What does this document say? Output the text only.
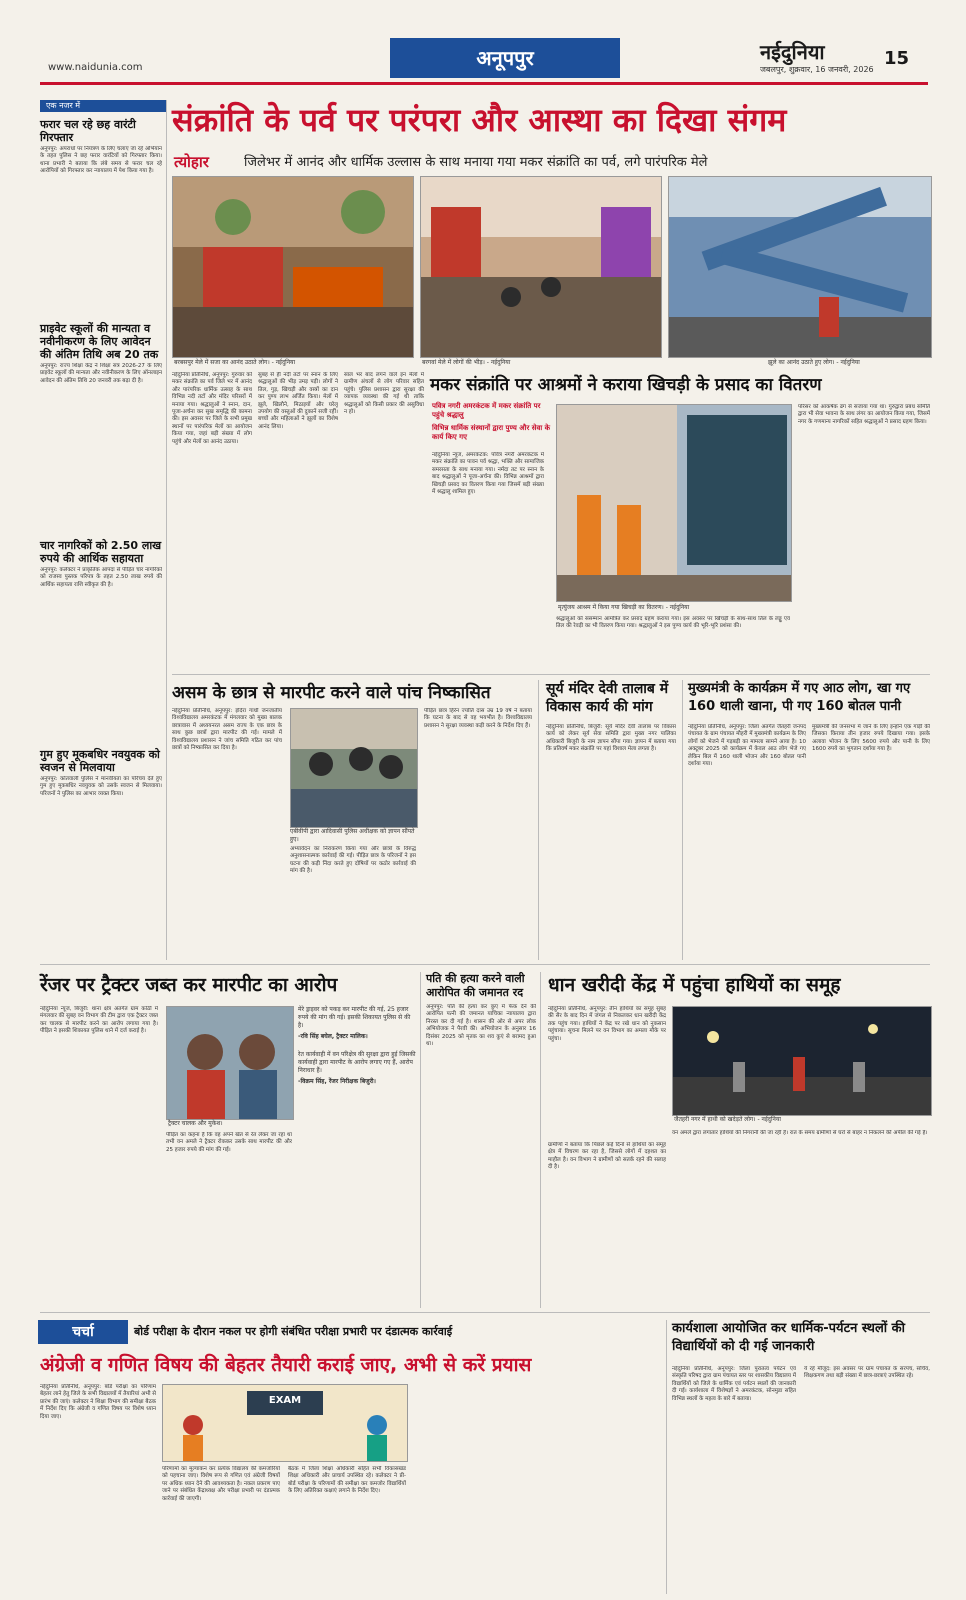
www.naidunia.com	अनूपपुर	नईदुनिया
जबलपुर, शुक्रवार, 16 जनवरी, 2026
15
एक नजर में
फरार चल रहे छह वारंटी गिरफ्तार
अनूपपुर: अपराधों पर नियंत्रण के लिए चलाए जा रहे अभियान के तहत पुलिस ने छह फरार वारंटियों को गिरफ्तार किया। थाना प्रभारी ने बताया कि लंबे समय से फरार चल रहे आरोपियों को गिरफ्तार कर न्यायालय में पेश किया गया है।
प्राइवेट स्कूलों की मान्यता व नवीनीकरण के लिए आवेदन की अंतिम तिथि अब 20 तक
अनूपपुर: राज्य शिक्षा केंद्र ने शिक्षा सत्र 2026-27 के लिए प्राइवेट स्कूलों की मान्यता और नवीनीकरण के लिए ऑनलाइन आवेदन की अंतिम तिथि 20 जनवरी तक बढ़ा दी है।
चार नागरिकों को 2.50 लाख रुपये की आर्थिक सहायता
अनूपपुर: कलेक्टर ने प्राकृतिक आपदा से पीड़ित चार नागरिकों को राजस्व पुस्तक परिपत्र के तहत 2.50 लाख रुपये की आर्थिक सहायता राशि स्वीकृत की है।
गुम हुए मूकबधिर नवयुवक को स्वजन से मिलवाया
अनूपपुर: कोतवाली पुलिस ने मानवीयता का परिचय देते हुए गुम हुए मूकबधिर नवयुवक को उसके स्वजन से मिलवाया। परिजनों ने पुलिस का आभार व्यक्त किया।
संक्रांति के पर्व पर परंपरा और आस्था का दिखा संगम
त्योहार	जिलेभर में आनंद और धार्मिक उल्लास के साथ मनाया गया मकर संक्रांति का पर्व, लगे पारंपरिक मेले
बरबसपुर मेले में सजा का आनंद उठाते लोग। - नईदुनिया	बरगवां मेले में लोगों की भीड़। - नईदुनिया	झूले का आनंद उठाते हुए लोग। - नईदुनिया
नईदुनिया प्रतिनिधि, अनूपपुर: गुरुवार को मकर संक्रांति का पर्व जिले भर में आनंद और पारंपरिक धार्मिक उत्साह के साथ विभिन्न नदी तटों और मंदिर परिसरों में मनाया गया। श्रद्धालुओं ने स्नान, दान, पूजा-अर्चना कर सुख समृद्धि की कामना की। इस अवसर पर जिले के सभी प्रमुख स्थानों पर पारंपरिक मेलों का आयोजन किया गया, जहां बड़ी संख्या में लोग पहुंचे और मेलों का आनंद उठाया।
सुबह से ही नदी तटों पर स्नान के लिए श्रद्धालुओं की भीड़ उमड़ पड़ी। लोगों ने तिल, गुड़, खिचड़ी और वस्त्रों का दान कर पुण्य लाभ अर्जित किया। मेलों में झूले, खिलौने, मिठाइयों और घरेलू उपयोग की वस्तुओं की दुकानें सजी रहीं। बच्चों और महिलाओं ने झूलों का विशेष आनंद लिया।
साल भर बाद लगने वाले इन मेलों में ग्रामीण अंचलों से लोग परिवार सहित पहुंचे। पुलिस प्रशासन द्वारा सुरक्षा की व्यापक व्यवस्था की गई थी ताकि श्रद्धालुओं को किसी प्रकार की असुविधा न हो।
मकर संक्रांति पर आश्रमों ने कराया खिचड़ी के प्रसाद का वितरण
पवित्र नगरी अमरकंटक में मकर संक्रांति पर पहुंचे श्रद्धालु
विभिन्न धार्मिक संस्थानों द्वारा पुण्य और सेवा के कार्य किए गए
नईदुनिया न्यूज, अमरकंटक: पवित्र नगरी अमरकंटक में मकर संक्रांति का पावन पर्व श्रद्धा, भक्ति और सामाजिक समरसता के साथ मनाया गया। नर्मदा तट पर स्नान के बाद श्रद्धालुओं ने पूजा-अर्चना की। विभिन्न आश्रमों द्वारा खिचड़ी प्रसाद का वितरण किया गया जिसमें बड़ी संख्या में श्रद्धालु शामिल हुए।
मृत्युंजय आश्रम में किया गया खिचड़ी का वितरण। - नईदुनिया
श्रद्धालुओं को ससम्मान आमंत्रित कर प्रसाद ग्रहण कराया गया। इस अवसर पर खिचड़ी के साथ-साथ तिल के लड्डू एवं तिल की रेवड़ी का भी वितरण किया गया। श्रद्धालुओं ने इस पुण्य कार्य की भूरि-भूरि प्रशंसा की।
परिसर को आकर्षक ढंग से सजाया गया था। गुरुद्वारा प्रबंध समिति द्वारा भी सेवा भावना के साथ लंगर का आयोजन किया गया, जिसमें नगर के गणमान्य नागरिकों सहित श्रद्धालुओं ने प्रसाद ग्रहण किया।
असम के छात्र से मारपीट करने वाले पांच निष्कासित
नईदुनिया प्रतिनिधि, अनूपपुर: इंदिरा गांधी जनजातीय विश्वविद्यालय अमरकंटक में मंगलवार को मुख्य बालक छात्रावास में अध्ययनरत असम राज्य के एक छात्र के साथ कुछ छात्रों द्वारा मारपीट की गई। मामले में विश्वविद्यालय प्रशासन ने जांच समिति गठित कर पांच छात्रों को निष्कासित कर दिया है।
एबीवीपी द्वारा आदिवासी पुलिस अधीक्षक को ज्ञापन सौंपते हुए।
अभ्यावेदन का निराकरण किया गया और छात्रों के विरुद्ध अनुशासनात्मक कार्रवाई की गई। पीड़ित छात्र के परिजनों ने इस घटना की कड़ी निंदा करते हुए दोषियों पर कठोर कार्रवाई की मांग की है।
पीड़ित छात्र हिरेन ज्योति दास उम्र 19 वर्ष ने बताया कि घटना के बाद से वह भयभीत है। विश्वविद्यालय प्रशासन ने सुरक्षा व्यवस्था कड़ी करने के निर्देश दिए हैं।
सूर्य मंदिर देवी तालाब में विकास कार्य की मांग
नईदुनिया प्रतिनिधि, बिजुरी: सूर्य मंदिर देवी तालाब पर विकास कार्य को लेकर सूर्य सेवा समिति द्वारा मुख्य नगर पालिका अधिकारी बिजुरी के नाम ज्ञापन सौंपा गया। ज्ञापन में बताया गया कि प्रतिवर्ष मकर संक्रांति पर यहां विशाल मेला लगता है।
मुख्यमंत्री के कार्यक्रम में गए आठ लोग, खा गए 160 थाली खाना, पी गए 160 बोतल पानी
नईदुनिया प्रतिनिधि, अनूपपुर: जिला अंतर्गत जैतहरी जनपद पंचायत के ग्राम पंचायत मौहरी में मुख्यमंत्री कार्यक्रम के लिए लोगों को भेजने में गड़बड़ी का मामला सामने आया है। 10 अक्टूबर 2025 को कार्यक्रम में केवल आठ लोग भेजे गए लेकिन बिल में 160 थाली भोजन और 160 बोतल पानी दर्शाया गया।
मुख्यमंत्री की जनसभा में जाने के लिए इन्होंने एक गाड़ी की जिसका किराया तीन हजार रुपये दिखाया गया। इसके अलावा भोजन के लिए 5600 रुपये और पानी के लिए 1600 रुपये का भुगतान दर्शाया गया है।
रेंजर पर ट्रैक्टर जब्त कर मारपीट का आरोप
नईदुनिया न्यूज, बिजुरी: थाना क्षेत्र अंतर्गत ग्राम कोठी में मंगलवार की सुबह वन विभाग की टीम द्वारा एक ट्रैक्टर जब्त कर चालक से मारपीट करने का आरोप लगाया गया है। पीड़ित ने इसकी शिकायत पुलिस थाने में दर्ज कराई है।
ट्रैक्टर चालक और मुकेश।
पीड़ित का कहना है कि वह अपने खेत से रेत लेकर जा रहा था तभी वन अमले ने ट्रैक्टर रोककर उसके साथ मारपीट की और 25 हजार रुपये की मांग की गई।
मेरे ड्राइवर को पकड़ कर मारपीट की गई, 25 हजार रुपये की मांग की गई। इसकी शिकायत पुलिस से की है।
-रवि सिंह बघेल, ट्रैक्टर मालिक।
रेत कार्यवाही में वन परिक्षेत्र की सुरक्षा द्वारा हुई जिसकी कार्यवाही द्वारा मारपीट के आरोप लगाए गए हैं, आरोप निराधार हैं।
-विक्रम सिंह, रेंजर निरीक्षक बिजुरी।
पति की हत्या करने वाली आरोपित की जमानत रद
अनूपपुर: पति की हत्या कर कुएं में फेंक देने की आरोपित पत्नी की जमानत याचिका न्यायालय द्वारा निरस्त कर दी गई है। शासन की ओर से अपर लोक अभियोजक ने पैरवी की। अभियोजन के अनुसार 16 दिसंबर 2025 को मृतक का शव कुएं से बरामद हुआ था।
धान खरीदी केंद्र में पहुंचा हाथियों का समूह
नईदुनिया प्रतिनिधि, अनूपपुर: तीन हाथियों का समूह सुबह की सैर के बाद दिन में जंगल से निकलकर धान खरीदी केंद्र तक पहुंच गया। हाथियों ने केंद्र पर रखे धान को नुकसान पहुंचाया। सूचना मिलने पर वन विभाग का अमला मौके पर पहुंचा।
जैतहरी नगर में हाथी को खदेड़ते लोग। - नईदुनिया
ग्रामीणों ने बताया कि पिछले कई दिनों से हाथियों का समूह क्षेत्र में विचरण कर रहा है, जिससे लोगों में दहशत का माहौल है। वन विभाग ने ग्रामीणों को सतर्क रहने की सलाह दी है।
वन अमले द्वारा लगातार हाथियों की निगरानी की जा रही है। रात के समय ग्रामीणों से घरों से बाहर न निकलने की अपील की गई है।
चर्चा	बोर्ड परीक्षा के दौरान नकल पर होगी संबंधित परीक्षा प्रभारी पर दंडात्मक कार्रवाई
अंग्रेजी व गणित विषय की बेहतर तैयारी कराई जाए, अभी से करें प्रयास
नईदुनिया प्रतिनिधि, अनूपपुर: बोर्ड परीक्षा का परिणाम बेहतर लाने हेतु जिले के सभी विद्यालयों में तैयारियां अभी से प्रारंभ की जाएं। कलेक्टर ने शिक्षा विभाग की समीक्षा बैठक में निर्देश दिए कि अंग्रेजी व गणित विषय पर विशेष ध्यान दिया जाए।
EXAM
परिणामों का मूल्यांकन कर प्रत्येक विद्यालय की कमजोरियों को पहचाना जाए। विशेष रूप से गणित एवं अंग्रेजी विषयों पर अधिक ध्यान देने की आवश्यकता है। नकल प्रकरण पाए जाने पर संबंधित केंद्राध्यक्ष और परीक्षा प्रभारी पर दंडात्मक कार्रवाई की जाएगी।
बैठक में जिला शिक्षा अधिकारी सहित सभी विकासखंड शिक्षा अधिकारी और प्राचार्य उपस्थित रहे। कलेक्टर ने प्री-बोर्ड परीक्षा के परिणामों की समीक्षा कर कमजोर विद्यार्थियों के लिए अतिरिक्त कक्षाएं लगाने के निर्देश दिए।
कार्यशाला आयोजित कर धार्मिक-पर्यटन स्थलों की विद्यार्थियों को दी गई जानकारी
नईदुनिया प्रतिनिधि, अनूपपुर: जिला पुरातत्व पर्यटन एवं संस्कृति परिषद द्वारा ग्राम पंचायत स्तर पर शासकीय विद्यालय में विद्यार्थियों को जिले के धार्मिक एवं पर्यटन स्थलों की जानकारी दी गई। कार्यशाला में विशेषज्ञों ने अमरकंटक, सोनमुडा सहित विभिन्न स्थलों के महत्व के बारे में बताया।
ये रहे मौजूद: इस अवसर पर ग्राम पंचायत के सरपंच, सचिव, शिक्षकगण तथा बड़ी संख्या में छात्र-छात्राएं उपस्थित रहे।
